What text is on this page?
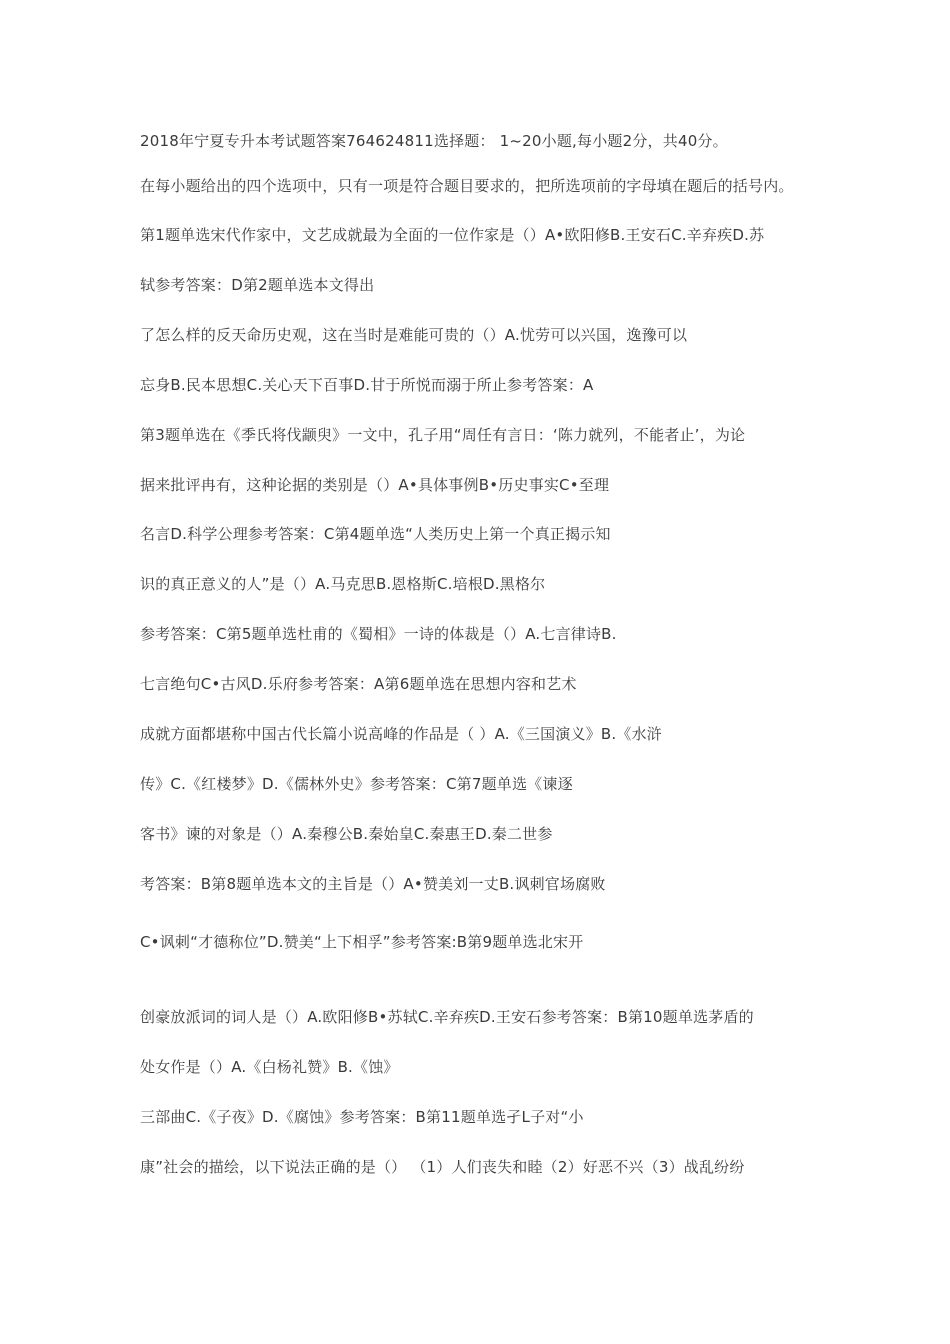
2018年宁夏专升本考试题答案764624811选择题： 1~20小题,每小题2分，共40分。
在每小题给出的四个选项中，只有一项是符合题目要求的，把所选项前的字母填在题后的括号内。
第1题单选宋代作家中，文艺成就最为全面的一位作家是（）A•欧阳修B.王安石C.辛弃疾D.苏
轼参考答案：D第2题单选本文得出
了怎么样的反天命历史观，这在当时是难能可贵的（）A.忧劳可以兴国，逸豫可以
忘身B.民本思想C.关心天下百事D.甘于所悦而溺于所止参考答案：A
第3题单选在《季氏将伐颛臾》一文中，孔子用“周任有言日：‘陈力就列，不能者止’，为论
据来批评冉有，这种论据的类别是（）A•具体事例B•历史事实C•至理
名言D.科学公理参考答案：C第4题单选“人类历史上第一个真正揭示知
识的真正意义的人”是（）A.马克思B.恩格斯C.培根D.黑格尔
参考答案：C第5题单选杜甫的《蜀相》一诗的体裁是（）A.七言律诗B.
七言绝句C•古风D.乐府参考答案：A第6题单选在思想内容和艺术
成就方面都堪称中国古代长篇小说高峰的作品是（ ）A.《三国演义》B.《水浒
传》C.《红楼梦》D.《儒林外史》参考答案：C第7题单选《谏逐
客书》谏的对象是（）A.秦穆公B.秦始皇C.秦惠王D.秦二世参
考答案：B第8题单选本文的主旨是（）A•赞美刘一丈B.讽刺官场腐败
C•讽刺“才德称位”D.赞美“上下相孚”参考答案:B第9题单选北宋开
创豪放派词的词人是（）A.欧阳修B•苏轼C.辛弃疾D.王安石参考答案：B第10题单选茅盾的
处女作是（）A.《白杨礼赞》B.《蚀》
三部曲C.《子夜》D.《腐蚀》参考答案：B第11题单选孑L子对“小
康”社会的描绘，以下说法正确的是（） （1）人们丧失和睦（2）好恶不兴（3）战乱纷纷
